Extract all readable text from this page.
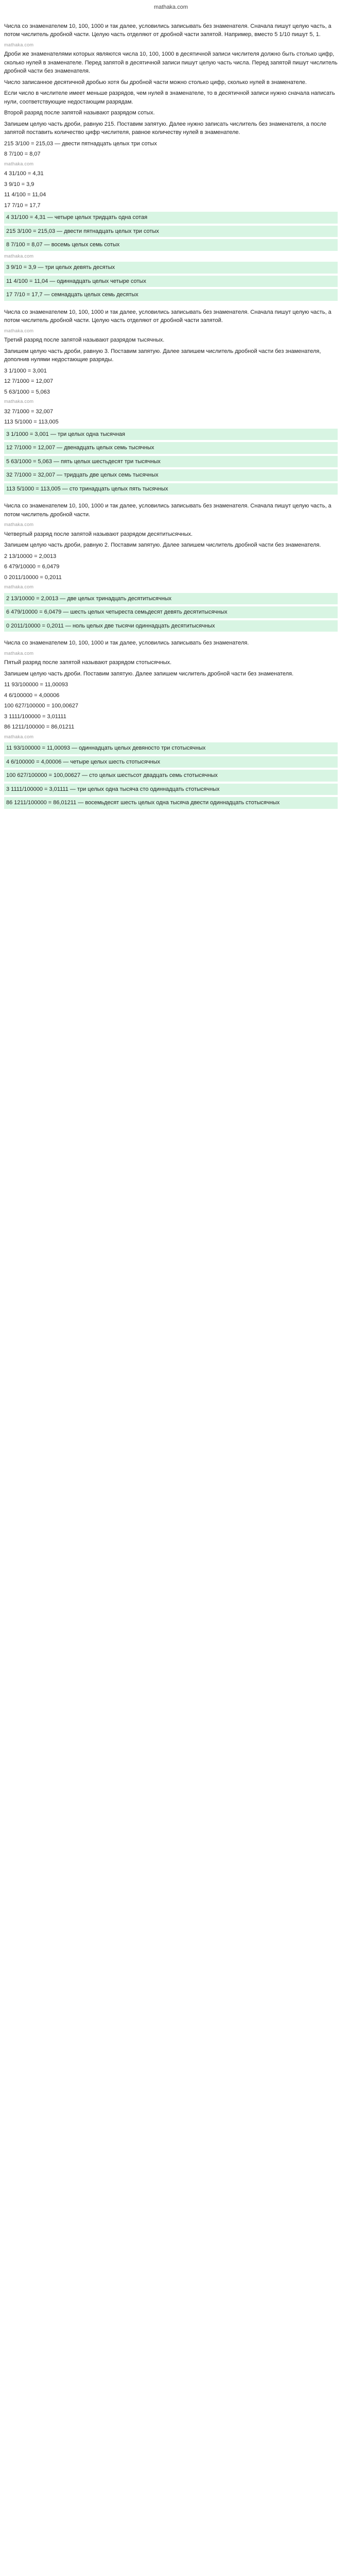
mathaka.com

Числа со знаменателем 10, 100, 1000 и так далее, условились записывать без знаменателя. Сначала пишут целую часть, а потом числитель дробной части. Целую часть отделяют от дробной части запятой. Например, вместо 5 1/10 пишут 5, 1.

mathaka.com

Дроби же знаменателями которых являются числа 10, 100, 1000 в десятичной записи числителя должно быть столько цифр, сколько нулей в знаменателе. Перед запятой в десятичной записи пишут целую часть числа. Перед запятой пишут числитель дробной части без знаменателя.

Число записанное десятичной дробью хотя бы дробной части можно столько цифр, сколько нулей в знаменателе.

Если число в числителе имеет меньше разрядов, чем нулей в знаменателе, то в десятичной записи нужно сначала написать нули, соответствующие недостающим разрядам.

Второй разряд после запятой называют разрядом сотых.

Запишем целую часть дроби, равную 215. Поставим запятую. Далее нужно записать числитель без знаменателя, а после запятой поставить количество цифр числителя, равное количеству нулей в знаменателе.

215 3/100 = 215,03 — двести пятнадцать целых три сотых

8 7/100 = 8,07

mathaka.com

4 31/100 = 4,31

3 9/10 = 3,9

11 4/100 = 11,04

17 7/10 = 17,7

4 31/100 = 4,31 — четыре целых тридцать одна сотая
215 3/100 = 215,03 — двести пятнадцать целых три сотых
8 7/100 = 8,07 — восемь целых семь сотых
mathaka.com
3 9/10 = 3,9 — три целых девять десятых
11 4/100 = 11,04 — одиннадцать целых четыре сотых
17 7/10 = 17,7 — семнадцать целых семь десятых

Числа со знаменателем 10, 100, 1000 и так далее, условились записывать без знаменателя. Сначала пишут целую часть, а потом числитель дробной части. Целую часть отделяют от дробной части запятой.

mathaka.com

Третий разряд после запятой называют разрядом тысячных.

Запишем целую часть дроби, равную 3. Поставим запятую. Далее запишем числитель дробной части без знаменателя, дополнив нулями недостающие разряды.

3 1/1000 = 3,001

12 7/1000 = 12,007

5 63/1000 = 5,063

mathaka.com

32 7/1000 = 32,007

113 5/1000 = 113,005

3 1/1000 = 3,001 — три целых одна тысячная
12 7/1000 = 12,007 — двенадцать целых семь тысячных
5 63/1000 = 5,063 — пять целых шестьдесят три тысячных
32 7/1000 = 32,007 — тридцать две целых семь тысячных
113 5/1000 = 113,005 — сто тринадцать целых пять тысячных

Числа со знаменателем 10, 100, 1000 и так далее, условились записывать без знаменателя. Сначала пишут целую часть, а потом числитель дробной части.

mathaka.com

Четвертый разряд после запятой называют разрядом десятитысячных.

Запишем целую часть дроби, равную 2. Поставим запятую. Далее запишем числитель дробной части без знаменателя.

2 13/10000 = 2,0013

6 479/10000 = 6,0479

0 2011/10000 = 0,2011

mathaka.com
2 13/10000 = 2,0013 — две целых тринадцать десятитысячных
6 479/10000 = 6,0479 — шесть целых четыреста семьдесят девять десятитысячных
0 2011/10000 = 0,2011 — ноль целых две тысячи одиннадцать десятитысячных

Числа со знаменателем 10, 100, 1000 и так далее, условились записывать без знаменателя.

mathaka.com

Пятый разряд после запятой называют разрядом стотысячных.

Запишем целую часть дроби. Поставим запятую. Далее запишем числитель дробной части без знаменателя.

11 93/100000 = 11,00093

4 6/100000 = 4,00006

100 627/100000 = 100,00627

3 1111/100000 = 3,01111

86 1211/100000 = 86,01211

mathaka.com
11 93/100000 = 11,00093 — одиннадцать целых девяносто три стотысячных
4 6/100000 = 4,00006 — четыре целых шесть стотысячных
100 627/100000 = 100,00627 — сто целых шестьсот двадцать семь стотысячных
3 1111/100000 = 3,01111 — три целых одна тысяча сто одиннадцать стотысячных
86 1211/100000 = 86,01211 — восемьдесят шесть целых одна тысяча двести одиннадцать стотысячных
